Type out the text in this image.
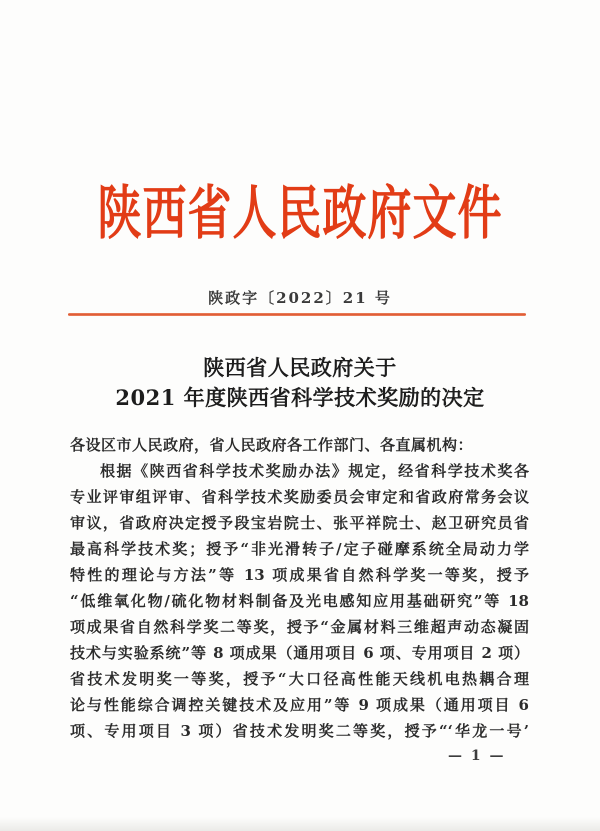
陕西省人民政府文件
陕政字〔2022〕21 号
陕西省人民政府关于
2021 年度陕西省科学技术奖励的决定
各设区市人民政府，省人民政府各工作部门、各直属机构：
根据《陕西省科学技术奖励办法》规定，经省科学技术奖各
专业评审组评审、省科学技术奖励委员会审定和省政府常务会议
审议，省政府决定授予段宝岩院士、张平祥院士、赵卫研究员省
最高科学技术奖；授予“非光滑转子/定子碰摩系统全局动力学
特性的理论与方法”等 13 项成果省自然科学奖一等奖，授予
“低维氧化物/硫化物材料制备及光电感知应用基础研究”等 18
项成果省自然科学奖二等奖，授予“金属材料三维超声动态凝固
技术与实验系统”等 8 项成果（通用项目 6 项、专用项目 2 项）
省技术发明奖一等奖，授予“大口径高性能天线机电热耦合理
论与性能综合调控关键技术及应用”等 9 项成果（通用项目 6
项、专用项目 3 项）省技术发明奖二等奖，授予“‘华龙一号’
— 1 —
